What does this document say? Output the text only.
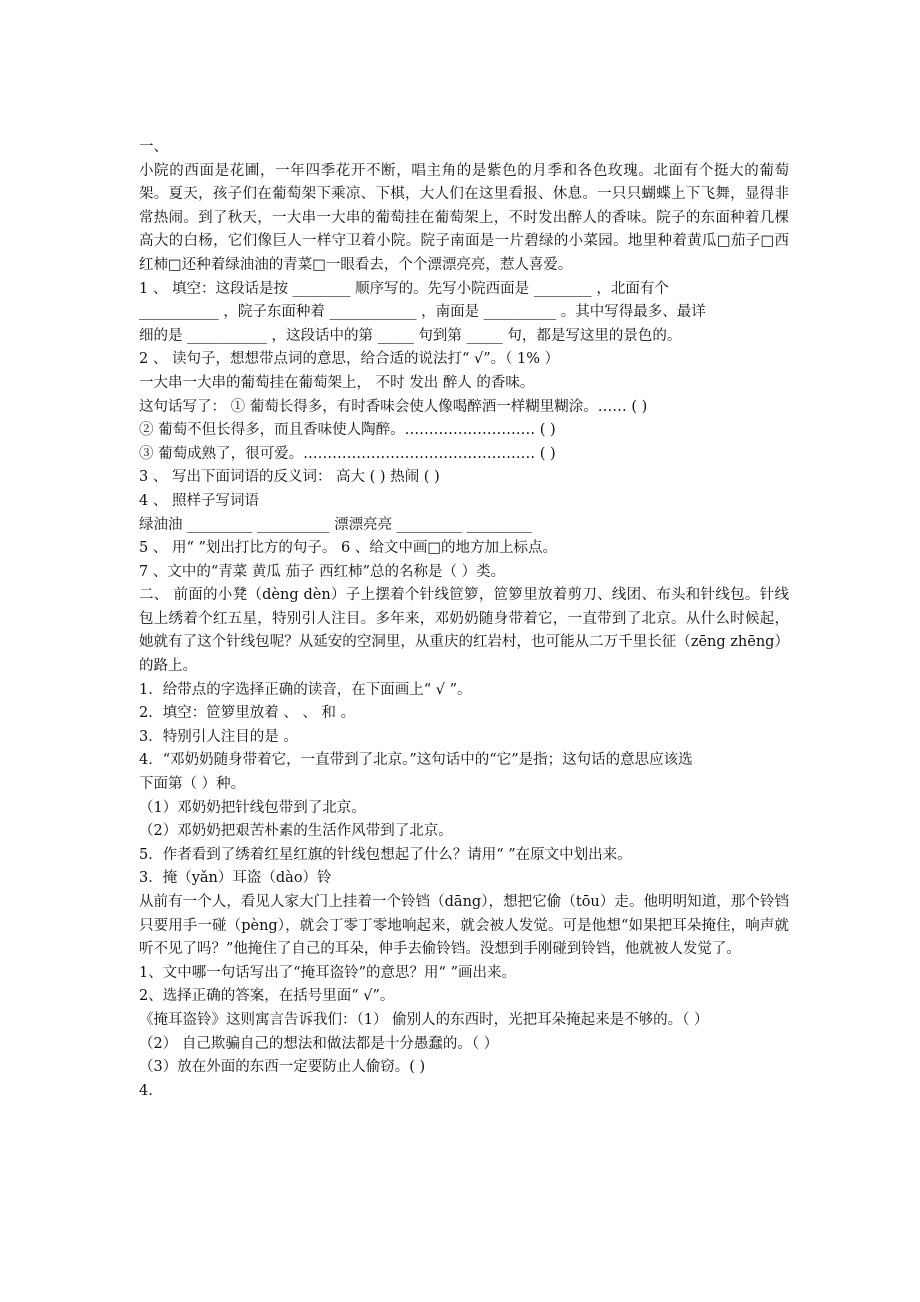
一、
小院的西面是花圃，一年四季花开不断，唱主角的是紫色的月季和各色玫瑰。北面有个挺大的葡萄架。夏天，孩子们在葡萄架下乘凉、下棋，大人们在这里看报、休息。一只只蝴蝶上下飞舞，显得非常热闹。到了秋天，一大串一大串的葡萄挂在葡萄架上，不时发出醉人的香味。院子的东面种着几棵高大的白杨，它们像巨人一样守卫着小院。院子南面是一片碧绿的小菜园。地里种着黄瓜□茄子□西红柿□还种着绿油油的青菜□一眼看去，个个漂漂亮亮，惹人喜爱。
1 、 填空：这段话是按 ________ 顺序写的。先写小院西面是 ________ ，北面有个
___________ ，院子东面种着 ____________ ，南面是 __________ 。其中写得最多、最详
细的是 ___________ ，这段话中的第 _____ 句到第 _____ 句，都是写这里的景色的。
2 、 读句子，想想带点词的意思，给合适的说法打“ √”。（ 1% ）
一大串一大串的葡萄挂在葡萄架上， 不时 发出 醉人 的香味。
这句话写了： ① 葡萄长得多，有时香味会使人像喝醉酒一样糊里糊涂。…… ( )
② 葡萄不但长得多，而且香味使人陶醉。……………………… ( )
③ 葡萄成熟了，很可爱。………………………………………… ( )
3 、 写出下面词语的反义词： 高大 ( ) 热闹 ( )
4 、 照样子写词语
绿油油 _________ __________ 漂漂亮亮 _________ _________
5 、 用“ ”划出打比方的句子。 6 、给文中画□的地方加上标点。
7 、文中的“青菜 黄瓜 茄子 西红柿”总的名称是（ ）类。
二、 前面的小凳（dèng dèn）子上摆着个针线笸箩，笸箩里放着剪刀、线团、布头和针线包。针线包上绣着个红五星，特别引人注目。多年来，邓奶奶随身带着它，一直带到了北京。从什么时候起，她就有了这个针线包呢？从延安的空洞里，从重庆的红岩村，也可能从二万千里长征（zēng zhēng）的路上。
1．给带点的字选择正确的读音，在下面画上“ √ ”。
2．填空：笸箩里放着 、 、 和 。
3．特别引人注目的是 。
4．“邓奶奶随身带着它，一直带到了北京。”这句话中的“它”是指；这句话的意思应该选
下面第（ ）种。
（1）邓奶奶把针线包带到了北京。
（2）邓奶奶把艰苦朴素的生活作风带到了北京。
5．作者看到了绣着红星红旗的针线包想起了什么？请用“ ”在原文中划出来。
3．掩（yǎn）耳盗（dào）铃
从前有一个人，看见人家大门上挂着一个铃铛（dāng），想把它偷（tōu）走。他明明知道，那个铃铛只要用手一碰（pèng），就会丁零丁零地响起来，就会被人发觉。可是他想“如果把耳朵掩住，响声就听不见了吗？”他掩住了自己的耳朵，伸手去偷铃铛。没想到手刚碰到铃铛，他就被人发觉了。
1、文中哪一句话写出了“掩耳盗铃”的意思？用“ ”画出来。
2、选择正确的答案，在括号里面“ √”。
《掩耳盗铃》这则寓言告诉我们：（1） 偷别人的东西时，光把耳朵掩起来是不够的。（ ）
（2） 自己欺骗自己的想法和做法都是十分愚蠢的。（ ）
（3）放在外面的东西一定要防止人偷窃。( )
4.
